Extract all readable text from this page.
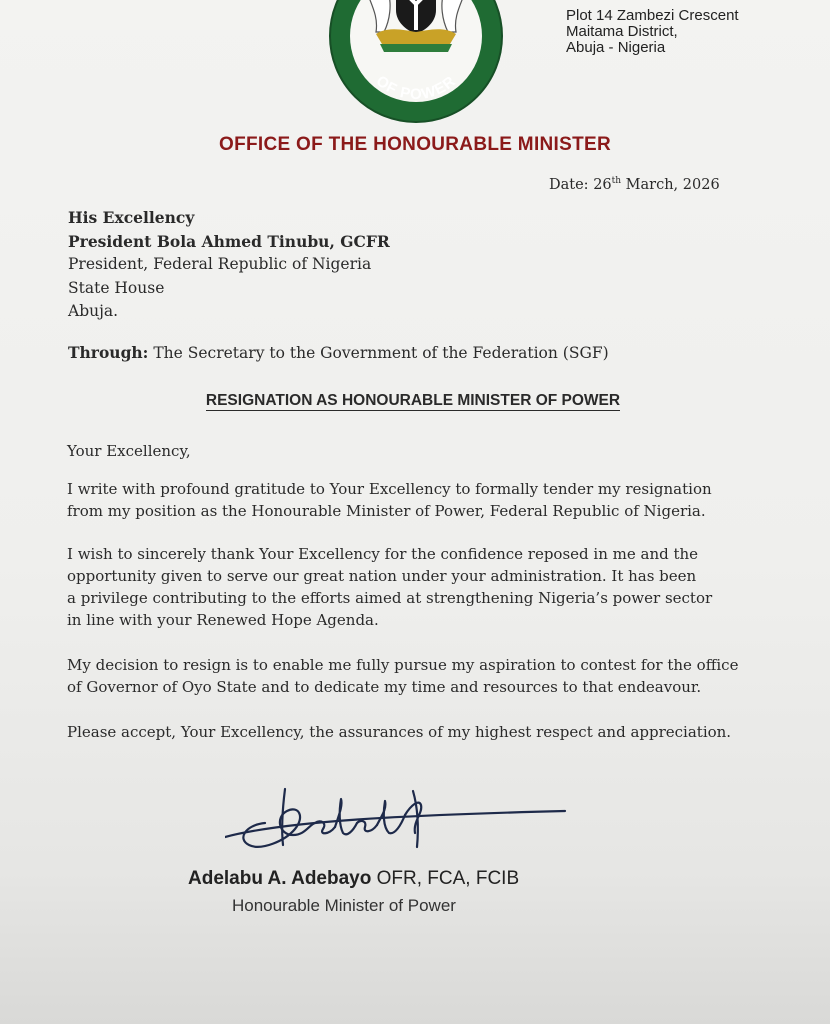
OF POWER
Plot 14 Zambezi Crescent
Maitama District,
Abuja - Nigeria
OFFICE OF THE HONOURABLE MINISTER
Date: 26th March, 2026
His Excellency
President Bola Ahmed Tinubu, GCFR
President, Federal Republic of Nigeria
State House
Abuja.
Through: The Secretary to the Government of the Federation (SGF)
RESIGNATION AS HONOURABLE MINISTER OF POWER
Your Excellency,
I write with profound gratitude to Your Excellency to formally tender my resignation
from my position as the Honourable Minister of Power, Federal Republic of Nigeria.
I wish to sincerely thank Your Excellency for the confidence reposed in me and the
opportunity given to serve our great nation under your administration. It has been
a privilege contributing to the efforts aimed at strengthening Nigeria’s power sector
in line with your Renewed Hope Agenda.
My decision to resign is to enable me fully pursue my aspiration to contest for the office
of Governor of Oyo State and to dedicate my time and resources to that endeavour.
Please accept, Your Excellency, the assurances of my highest respect and appreciation.
Adelabu A. Adebayo OFR, FCA, FCIB
Honourable Minister of Power
